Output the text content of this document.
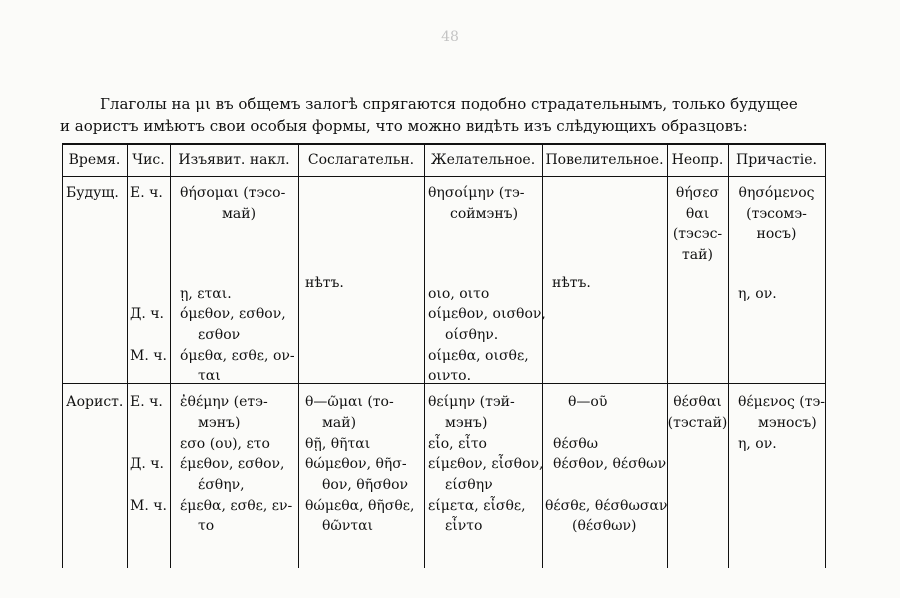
48
Глаголы на μι въ общемъ залогѣ спрягаются подобно страдательнымъ, только будущее
и аористъ имѣютъ свои особыя формы, что можно видѣть изъ слѣдующихъ образцовъ:
Время. Чис. Изъявит. накл.	Сослагательн.	Желательное. Повелительное. Неопр. Причастіе.
Будущ. Е. ч.
Д. ч.
М. ч.
θήσομαι (тэсо-
май)
ῃ, εται.
όμεθον, εσθον,
εσθον
όμεθα, εσθε, ον-
ται
нѣтъ.
θησοίμην (тэ-
соймэнъ)
οιο, οιτο
οίμεθον, οισθον,
οίσθην.
οίμεθα, οισθε,
οιντο.
нѣтъ.
θήσεσ
θαι
(тэсэс-
тай)
θησόμενος
(тэсомэ-
носъ)
η, ον.
Аорист. Е. ч.
Д. ч.
М. ч.
ἐθέμην (етэ-
мэнъ)
εσο (ου), ετο
έμεθον, εσθον,
έσθην,
έμεθα, εσθε, εν-
το
θ—ῶμαι (то-
май)
θῇ, θῆται
θώμεθον, θῆσ-
θον, θῆσθον
θώμεθα, θῆσθε,
θῶνται
θείμην (тэй-
мэнъ)
εἶο, εἶτο
είμεθον, εἶσθον,
είσθην
είμετα, εἶσθε,
εἶντο
θ—οῦ
θέσθω
θέσθον, θέσθων
θέσθε, θέσθωσαν
(θέσθων)
θέσθαι
(тэстай)
θέμενος (тэ-
мэносъ)
η, ον.
